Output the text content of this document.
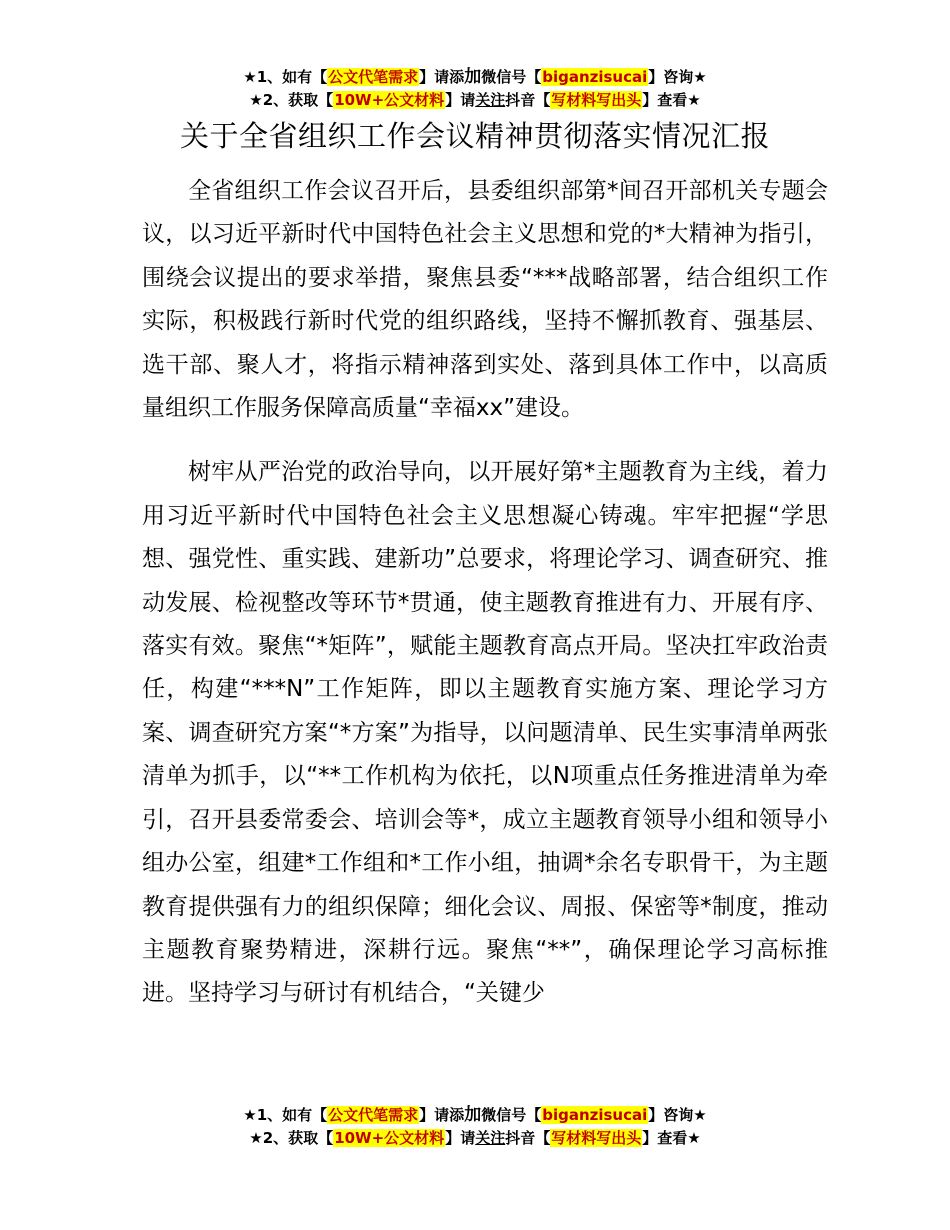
★1、如有【公文代笔需求】请添加微信号【biganzisucai】咨询★
★2、获取【10W+公文材料】请关注抖音【写材料写出头】查看★
关于全省组织工作会议精神贯彻落实情况汇报

全省组织工作会议召开后，县委组织部第*间召开部机关专题会议，以习近平新时代中国特色社会主义思想和党的*大精神为指引，围绕会议提出的要求举措，聚焦县委“***战略部署，结合组织工作实际，积极践行新时代党的组织路线，坚持不懈抓教育、强基层、选干部、聚人才，将指示精神落到实处、落到具体工作中，以高质量组织工作服务保障高质量“幸福xx”建设。

树牢从严治党的政治导向，以开展好第*主题教育为主线，着力用习近平新时代中国特色社会主义思想凝心铸魂。牢牢把握“学思想、强党性、重实践、建新功”总要求，将理论学习、调查研究、推动发展、检视整改等环节*贯通，使主题教育推进有力、开展有序、落实有效。聚焦“*矩阵”，赋能主题教育高点开局。坚决扛牢政治责任，构建“***N”工作矩阵，即以主题教育实施方案、理论学习方案、调查研究方案“*方案”为指导，以问题清单、民生实事清单两张清单为抓手，以“**工作机构为依托，以N项重点任务推进清单为牵引，召开县委常委会、培训会等*，成立主题教育领导小组和领导小组办公室，组建*工作组和*工作小组，抽调*余名专职骨干，为主题教育提供强有力的组织保障；细化会议、周报、保密等*制度，推动主题教育聚势精进，深耕行远。聚焦“**”，确保理论学习高标推进。坚持学习与研讨有机结合，“关键少

★1、如有【公文代笔需求】请添加微信号【biganzisucai】咨询★
★2、获取【10W+公文材料】请关注抖音【写材料写出头】查看★
